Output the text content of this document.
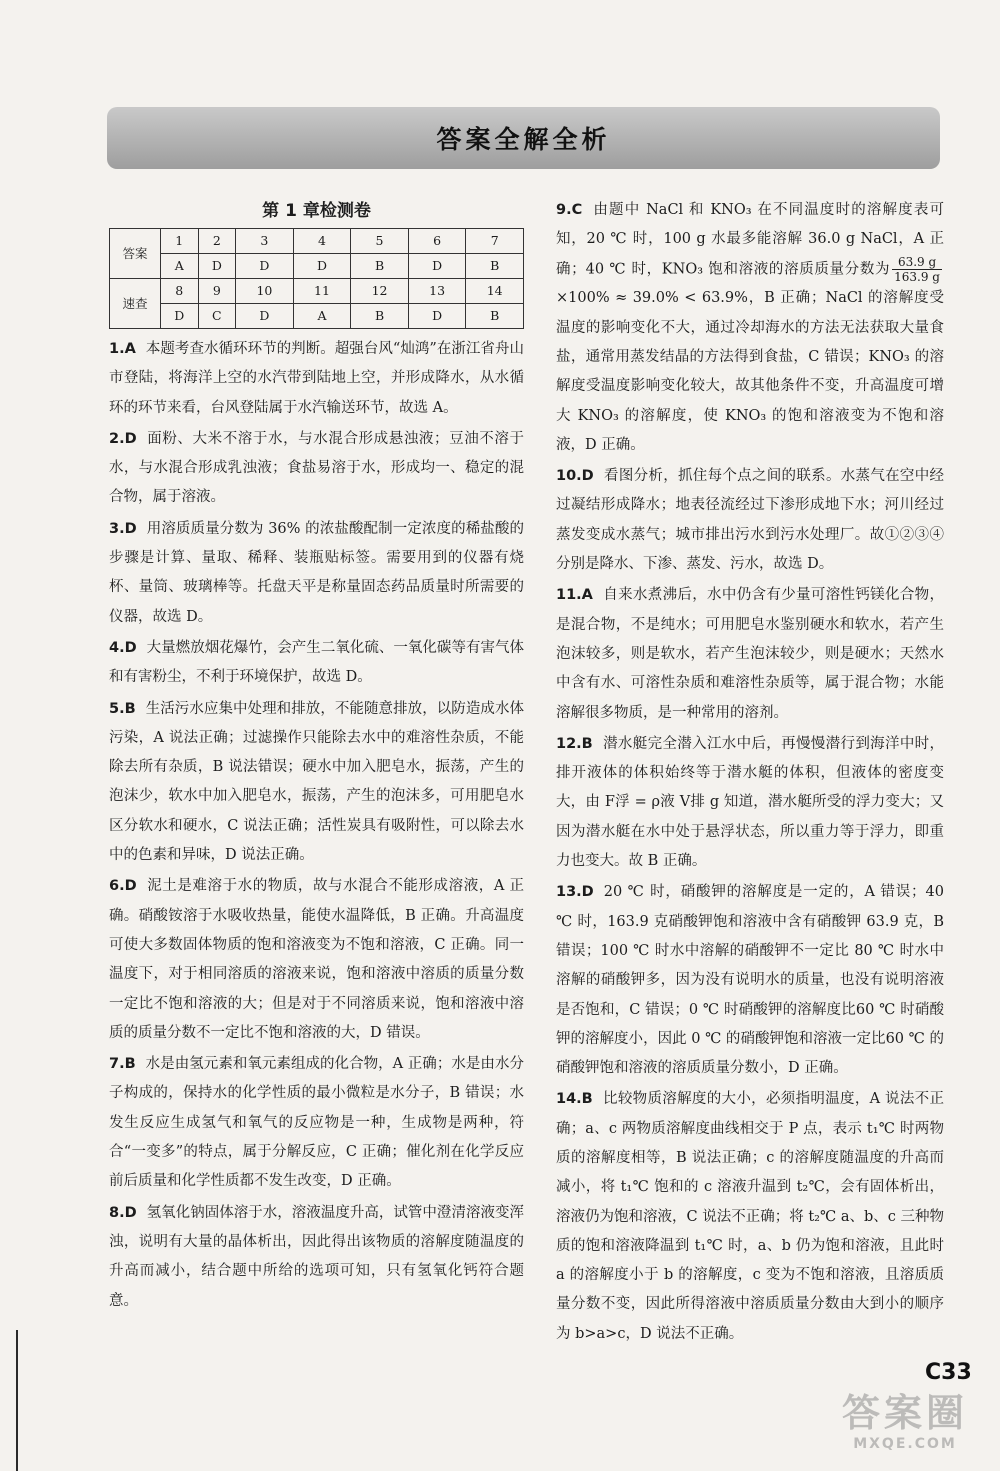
答案全解全析
第 1 章检测卷
答案	1	2	3	4	5	6	7
	A	D	D	D	B	D	B
速查	8	9	10	11	12	13	14
	D	C	D	A	B	D	B
1.A 本题考查水循环环节的判断。超强台风“灿鸿”在浙江省舟山市登陆，将海洋上空的水汽带到陆地上空，并形成降水，从水循环的环节来看，台风登陆属于水汽输送环节，故选 A。
2.D 面粉、大米不溶于水，与水混合形成悬浊液；豆油不溶于水，与水混合形成乳浊液；食盐易溶于水，形成均一、稳定的混合物，属于溶液。
3.D 用溶质质量分数为 36% 的浓盐酸配制一定浓度的稀盐酸的步骤是计算、量取、稀释、装瓶贴标签。需要用到的仪器有烧杯、量筒、玻璃棒等。托盘天平是称量固态药品质量时所需要的仪器，故选 D。
4.D 大量燃放烟花爆竹，会产生二氧化硫、一氧化碳等有害气体和有害粉尘，不利于环境保护，故选 D。
5.B 生活污水应集中处理和排放，不能随意排放，以防造成水体污染，A 说法正确；过滤操作只能除去水中的难溶性杂质，不能除去所有杂质，B 说法错误；硬水中加入肥皂水，振荡，产生的泡沫少，软水中加入肥皂水，振荡，产生的泡沫多，可用肥皂水区分软水和硬水，C 说法正确；活性炭具有吸附性，可以除去水中的色素和异味，D 说法正确。
6.D 泥土是难溶于水的物质，故与水混合不能形成溶液，A 正确。硝酸铵溶于水吸收热量，能使水温降低，B 正确。升高温度可使大多数固体物质的饱和溶液变为不饱和溶液，C 正确。同一温度下，对于相同溶质的溶液来说，饱和溶液中溶质的质量分数一定比不饱和溶液的大；但是对于不同溶质来说，饱和溶液中溶质的质量分数不一定比不饱和溶液的大，D 错误。
7.B 水是由氢元素和氧元素组成的化合物，A 正确；水是由水分子构成的，保持水的化学性质的最小微粒是水分子，B 错误；水发生反应生成氢气和氧气的反应物是一种，生成物是两种，符合“一变多”的特点，属于分解反应，C 正确；催化剂在化学反应前后质量和化学性质都不发生改变，D 正确。
8.D 氢氧化钠固体溶于水，溶液温度升高，试管中澄清溶液变浑浊，说明有大量的晶体析出，因此得出该物质的溶解度随温度的升高而减小，结合题中所给的选项可知，只有氢氧化钙符合题意。
9.C 由题中 NaCl 和 KNO₃ 在不同温度时的溶解度表可知，20 ℃ 时，100 g 水最多能溶解 36.0 g NaCl，A 正确；40 ℃ 时，KNO₃ 饱和溶液的溶质质量分数为 $\frac{63.9 g}{163.9 g}$
×100% ≈ 39.0% < 63.9%，B 正确；NaCl 的溶解度受温度的影响变化不大，通过冷却海水的方法无法获取大量食盐，通常用蒸发结晶的方法得到食盐，C 错误；KNO₃ 的溶解度受温度影响变化较大，故其他条件不变，升高温度可增大 KNO₃ 的溶解度，使 KNO₃ 的饱和溶液变为不饱和溶液，D 正确。
10.D 看图分析，抓住每个点之间的联系。水蒸气在空中经过凝结形成降水；地表径流经过下渗形成地下水；河川经过蒸发变成水蒸气；城市排出污水到污水处理厂。故①②③④分别是降水、下渗、蒸发、污水，故选 D。
11.A 自来水煮沸后，水中仍含有少量可溶性钙镁化合物，是混合物，不是纯水；可用肥皂水鉴别硬水和软水，若产生泡沫较多，则是软水，若产生泡沫较少，则是硬水；天然水中含有水、可溶性杂质和难溶性杂质等，属于混合物；水能溶解很多物质，是一种常用的溶剂。
12.B 潜水艇完全潜入江水中后，再慢慢潜行到海洋中时，排开液体的体积始终等于潜水艇的体积，但液体的密度变大，由 F浮 = ρ液 V排 g 知道，潜水艇所受的浮力变大；又因为潜水艇在水中处于悬浮状态，所以重力等于浮力，即重力也变大。故 B 正确。
13.D 20 ℃ 时，硝酸钾的溶解度是一定的，A 错误；40 ℃ 时，163.9 克硝酸钾饱和溶液中含有硝酸钾 63.9 克，B 错误；100 ℃ 时水中溶解的硝酸钾不一定比 80 ℃ 时水中溶解的硝酸钾多，因为没有说明水的质量，也没有说明溶液是否饱和，C 错误；0 ℃ 时硝酸钾的溶解度比60 ℃ 时硝酸钾的溶解度小，因此 0 ℃ 的硝酸钾饱和溶液一定比60 ℃ 的硝酸钾饱和溶液的溶质质量分数小，D 正确。
14.B 比较物质溶解度的大小，必须指明温度，A 说法不正确；a、c 两物质溶解度曲线相交于 P 点，表示 t₁℃ 时两物质的溶解度相等，B 说法正确；c 的溶解度随温度的升高而减小，将 t₁℃ 饱和的 c 溶液升温到 t₂℃，会有固体析出，溶液仍为饱和溶液，C 说法不正确；将 t₂℃ a、b、c 三种物质的饱和溶液降温到 t₁℃ 时，a、b 仍为饱和溶液，且此时 a 的溶解度小于 b 的溶解度，c 变为不饱和溶液，且溶质质量分数不变，因此所得溶液中溶质质量分数由大到小的顺序为 b>a>c，D 说法不正确。
C33
答案圈
MXQE.COM
